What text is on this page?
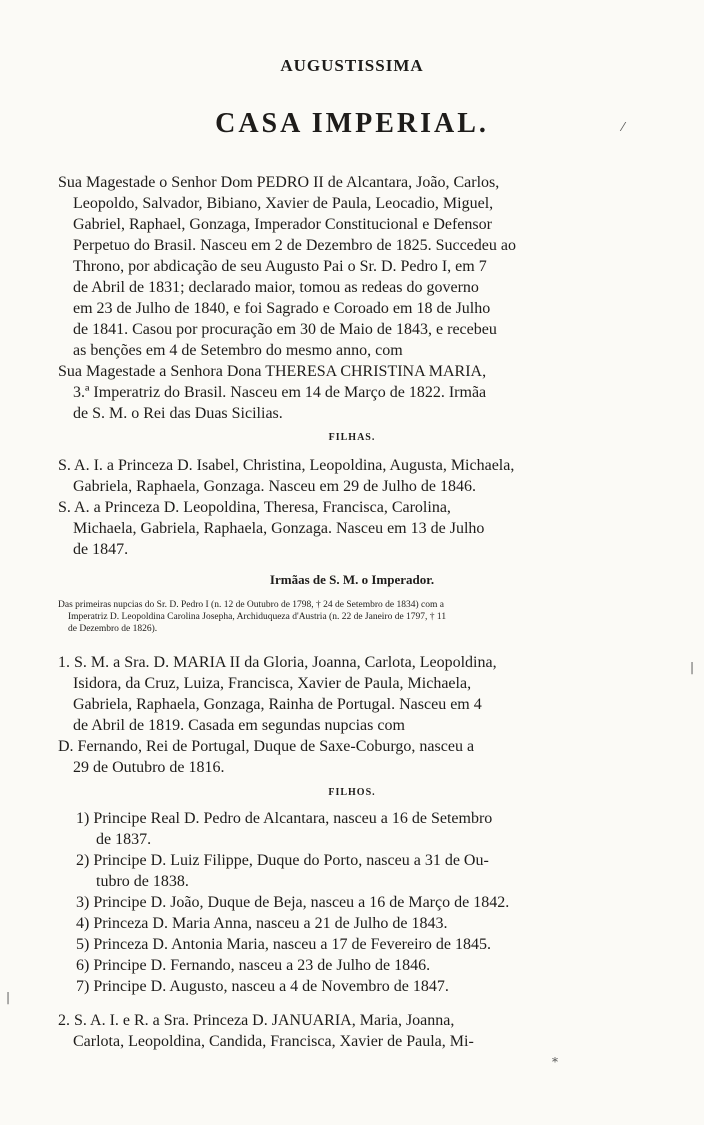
AUGUSTISSIMA
CASA IMPERIAL.	⁄
Sua Magestade o Senhor Dom PEDRO II de Alcantara, João, Carlos,
Leopoldo, Salvador, Bibiano, Xavier de Paula, Leocadio, Miguel,
Gabriel, Raphael, Gonzaga, Imperador Constitucional e Defensor
Perpetuo do Brasil. Nasceu em 2 de Dezembro de 1825. Succedeu ao
Throno, por abdicação de seu Augusto Pai o Sr. D. Pedro I, em 7
de Abril de 1831; declarado maior, tomou as redeas do governo
em 23 de Julho de 1840, e foi Sagrado e Coroado em 18 de Julho
de 1841. Casou por procuração em 30 de Maio de 1843, e recebeu
as benções em 4 de Setembro do mesmo anno, com
Sua Magestade a Senhora Dona THERESA CHRISTINA MARIA,
3.ª Imperatriz do Brasil. Nasceu em 14 de Março de 1822. Irmãa
de S. M. o Rei das Duas Sicilias.
FILHAS.
S. A. I. a Princeza D. Isabel, Christina, Leopoldina, Augusta, Michaela,
Gabriela, Raphaela, Gonzaga. Nasceu em 29 de Julho de 1846.
S. A. a Princeza D. Leopoldina, Theresa, Francisca, Carolina,
Michaela, Gabriela, Raphaela, Gonzaga. Nasceu em 13 de Julho
de 1847.
Irmãas de S. M. o Imperador.
Das primeiras nupcias do Sr. D. Pedro I (n. 12 de Outubro de 1798, † 24 de Setembro de 1834) com a
Imperatriz D. Leopoldina Carolina Josepha, Archiduqueza d'Austria (n. 22 de Janeiro de 1797, † 11
de Dezembro de 1826).
1. S. M. a Sra. D. MARIA II da Gloria, Joanna, Carlota, Leopoldina,
Isidora, da Cruz, Luiza, Francisca, Xavier de Paula, Michaela,
Gabriela, Raphaela, Gonzaga, Rainha de Portugal. Nasceu em 4
de Abril de 1819. Casada em segundas nupcias com
D. Fernando, Rei de Portugal, Duque de Saxe-Coburgo, nasceu a
29 de Outubro de 1816.
FILHOS.
1) Principe Real D. Pedro de Alcantara, nasceu a 16 de Setembro
de 1837.
2) Principe D. Luiz Filippe, Duque do Porto, nasceu a 31 de Ou-
tubro de 1838.
3) Principe D. João, Duque de Beja, nasceu a 16 de Março de 1842.
4) Princeza D. Maria Anna, nasceu a 21 de Julho de 1843.
5) Princeza D. Antonia Maria, nasceu a 17 de Fevereiro de 1845.
6) Principe D. Fernando, nasceu a 23 de Julho de 1846.
7) Principe D. Augusto, nasceu a 4 de Novembro de 1847.
2. S. A. I. e R. a Sra. Princeza D. JANUARIA, Maria, Joanna,
Carlota, Leopoldina, Candida, Francisca, Xavier de Paula, Mi-
*
|
|
